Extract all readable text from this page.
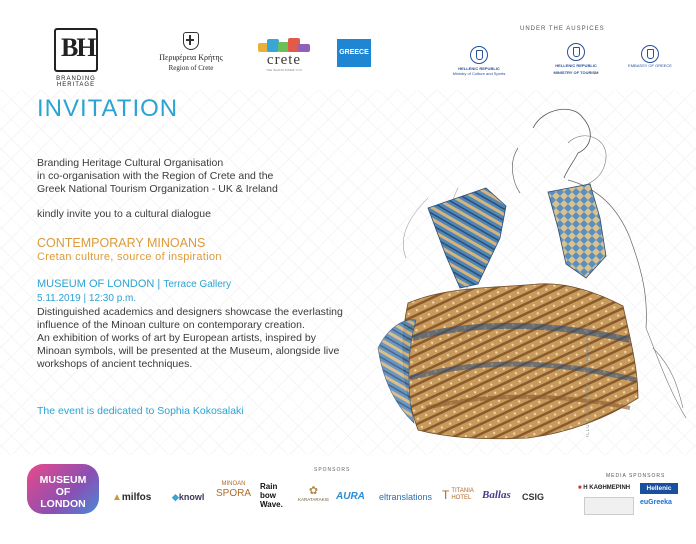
BH
BRANDING HERITAGE
Περιφέρεια Κρήτης
Region of Crete	crete
THE ISLAND INSIDE YOU
GREECE
UNDER THE AUSPICES
HELLENIC REPUBLIC
Ministry of Culture and Sports
HELLENIC REPUBLIC
MINISTRY OF TOURISM
EMBASSY OF GREECE
INVITATION
Branding Heritage Cultural Organisation
in co-organisation with the Region of Crete and the
Greek National Tourism Organization - UK & Ireland
kindly invite you to a cultural dialogue
CONTEMPORARY MINOANS
Cretan culture, source of inspiration
MUSEUM OF LONDON | Terrace Gallery
5.11.2019 | 12:30 p.m.
Distinguished academics and designers showcase the everlasting
influence of the Minoan culture on contemporary creation.
An exhibition of works of art by European artists, inspired by
Minoan symbols, will be presented at the Museum, alongside live
workshops of ancient techniques.
The event is dedicated to Sophia Kokosalaki	ILLUSTRATION BY ALEXANDRA DESSA
MUSEUM
OF LONDON
SPONSORS
▲milfos ◆knowl
MINOAN
SPORA
Rain
bow
Wave.
✿
KARATARAKIS AURA eltranslations T TITANIA
HOTEL Ballas CSIG
MEDIA SPONSORS
■ Η ΚΑΘΗΜΕΡΙΝΗ	Hellenic
euGreeka
